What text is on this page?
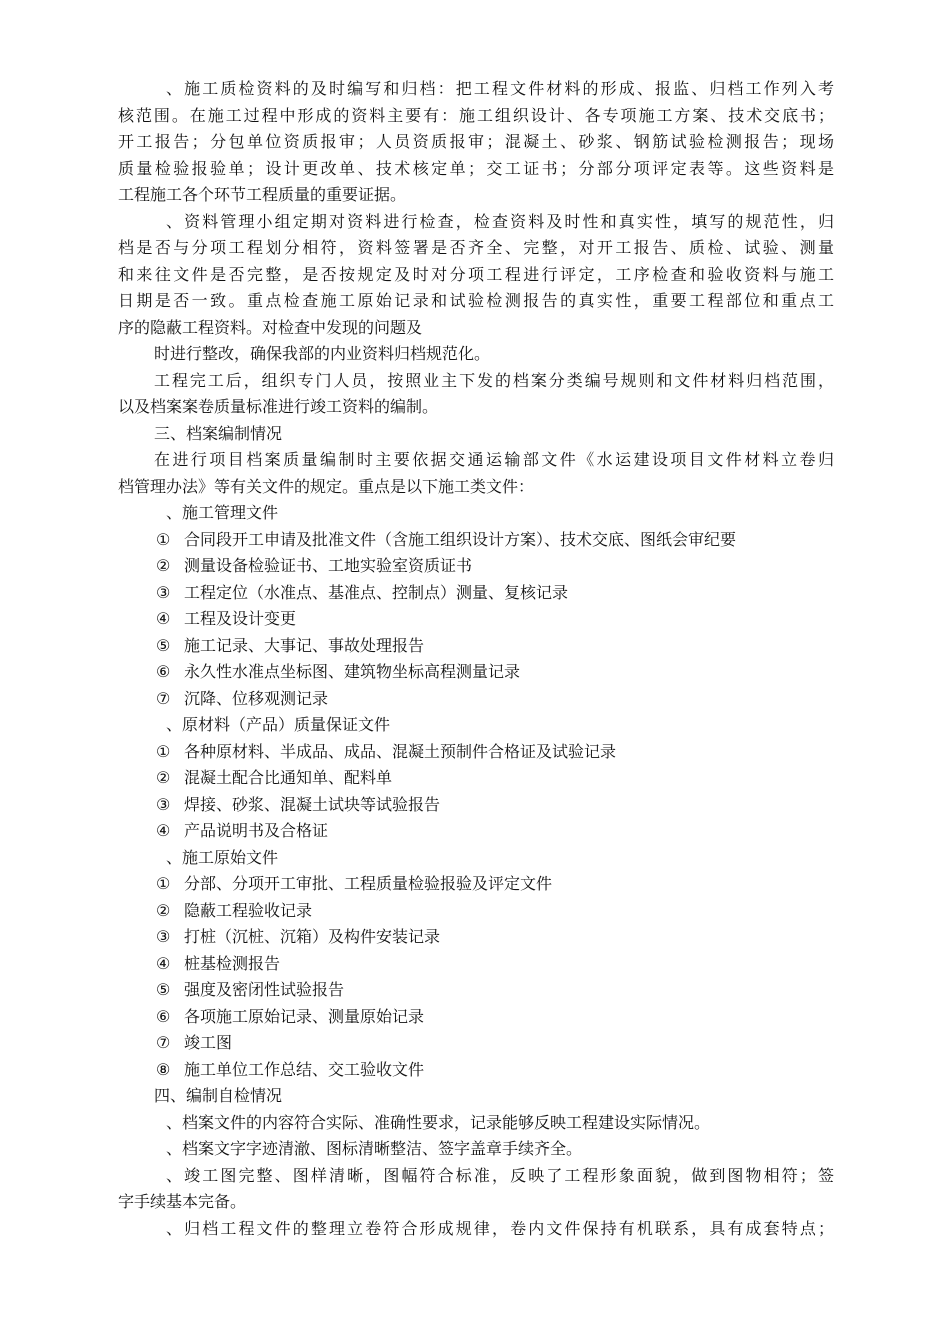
、施工质检资料的及时编写和归档：把工程文件材料的形成、报监、归档工作列入考
核范围。在施工过程中形成的资料主要有：施工组织设计、各专项施工方案、技术交底书；
开工报告；分包单位资质报审；人员资质报审；混凝土、砂浆、钢筋试验检测报告；现场
质量检验报验单；设计更改单、技术核定单；交工证书；分部分项评定表等。这些资料是
工程施工各个环节工程质量的重要证据。
、资料管理小组定期对资料进行检查，检查资料及时性和真实性，填写的规范性，归
档是否与分项工程划分相符，资料签署是否齐全、完整，对开工报告、质检、试验、测量
和来往文件是否完整，是否按规定及时对分项工程进行评定，工序检查和验收资料与施工
日期是否一致。重点检查施工原始记录和试验检测报告的真实性，重要工程部位和重点工
序的隐蔽工程资料。对检查中发现的问题及
时进行整改，确保我部的内业资料归档规范化。
工程完工后，组织专门人员，按照业主下发的档案分类编号规则和文件材料归档范围，
以及档案案卷质量标准进行竣工资料的编制。
三、档案编制情况
在进行项目档案质量编制时主要依据交通运输部文件《水运建设项目文件材料立卷归
档管理办法》等有关文件的规定。重点是以下施工类文件：
、施工管理文件
① 合同段开工申请及批准文件（含施工组织设计方案）、技术交底、图纸会审纪要
② 测量设备检验证书、工地实验室资质证书
③ 工程定位（水准点、基准点、控制点）测量、复核记录
④ 工程及设计变更
⑤ 施工记录、大事记、事故处理报告
⑥ 永久性水准点坐标图、建筑物坐标高程测量记录
⑦ 沉降、位移观测记录
、原材料（产品）质量保证文件
① 各种原材料、半成品、成品、混凝土预制件合格证及试验记录
② 混凝土配合比通知单、配料单
③ 焊接、砂浆、混凝土试块等试验报告
④ 产品说明书及合格证
、施工原始文件
① 分部、分项开工审批、工程质量检验报验及评定文件
② 隐蔽工程验收记录
③ 打桩（沉桩、沉箱）及构件安装记录
④ 桩基检测报告
⑤ 强度及密闭性试验报告
⑥ 各项施工原始记录、测量原始记录
⑦ 竣工图
⑧ 施工单位工作总结、交工验收文件
四、编制自检情况
、档案文件的内容符合实际、准确性要求，记录能够反映工程建设实际情况。
、档案文字字迹清澈、图标清晰整洁、签字盖章手续齐全。
、竣工图完整、图样清晰，图幅符合标准，反映了工程形象面貌，做到图物相符；签
字手续基本完备。
、归档工程文件的整理立卷符合形成规律，卷内文件保持有机联系，具有成套特点；
